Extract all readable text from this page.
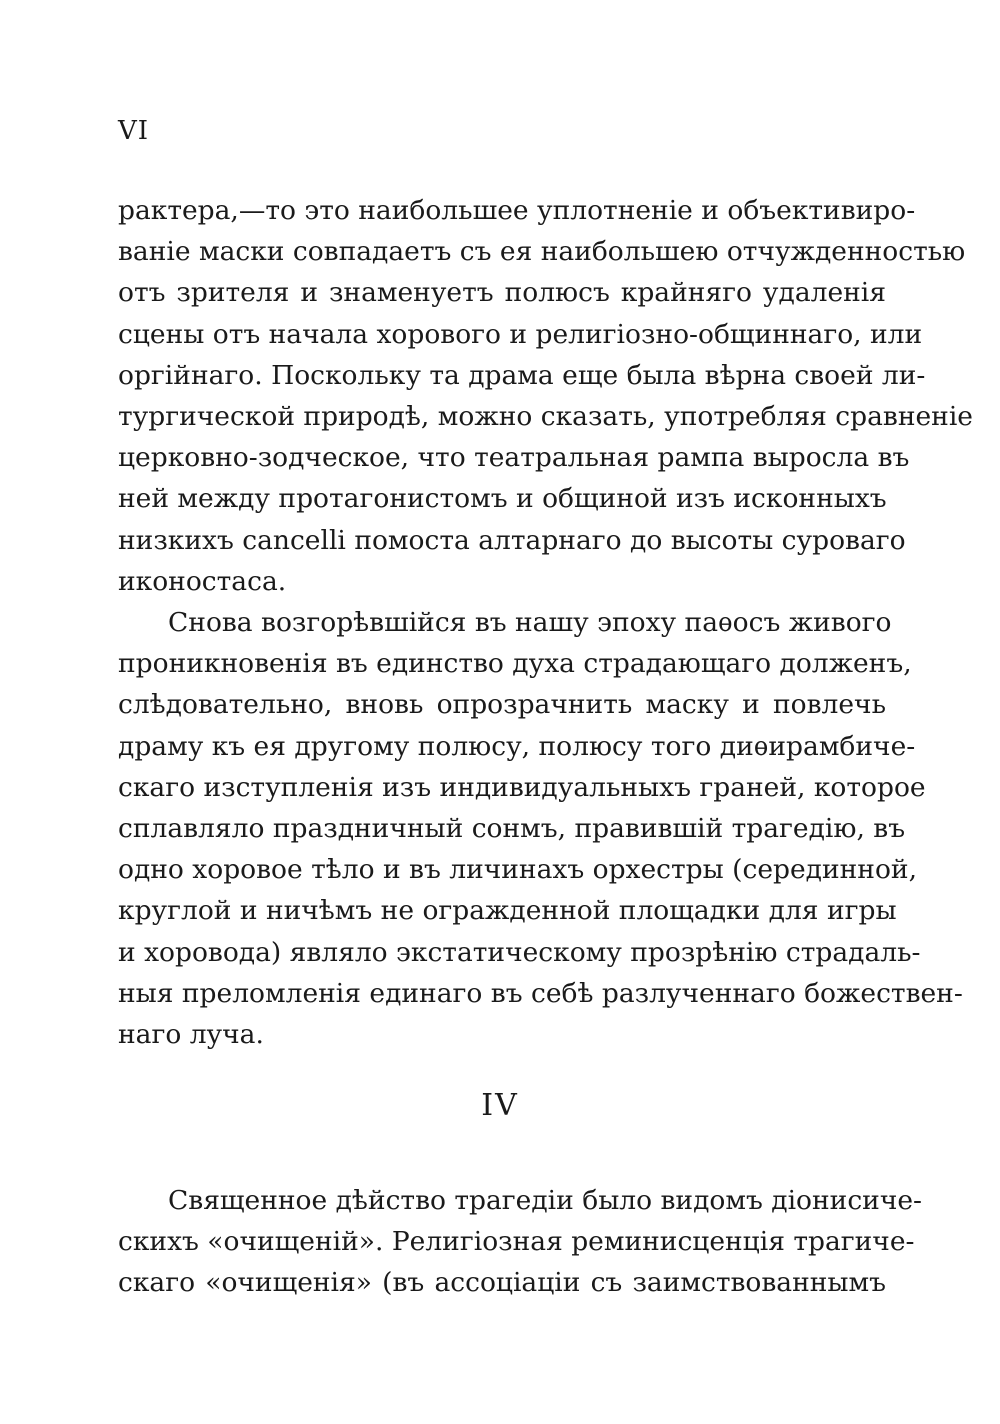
VI
рактера,—то это наибольшее уплотненіе и объективиро-
ваніе маски совпадаетъ съ ея наибольшею отчужденностью
отъ зрителя и знаменуетъ полюсъ крайняго удаленія
сцены отъ начала хорового и религіозно-общиннаго, или
оргійнаго. Поскольку та драма еще была вѣрна своей ли-
тургической природѣ, можно сказать, употребляя сравненіе
церковно-зодческое, что театральная рампа выросла въ
ней между протагонистомъ и общиной изъ исконныхъ
низкихъ cancelli помоста алтарнаго до высоты суроваго
иконостаса.
Снова возгорѣвшійся въ нашу эпоху паѳосъ живого
проникновенія въ единство духа страдающаго долженъ,
слѣдовательно, вновь опрозрачнить маску и повлечь
драму къ ея другому полюсу, полюсу того диѳирамбиче-
скаго изступленія изъ индивидуальныхъ граней, которое
сплавляло праздничный сонмъ, правившій трагедію, въ
одно хоровое тѣло и въ личинахъ орхестры (серединной,
круглой и ничѣмъ не огражденной площадки для игры
и хоровода) являло экстатическому прозрѣнію страдаль-
ныя преломленія единаго въ себѣ разлученнаго божествен-
наго луча.
IV
Священное дѣйство трагедіи было видомъ діонисиче-
скихъ «очищеній». Религіозная реминисценція трагиче-
скаго «очищенія» (въ ассоціаціи съ заимствованнымъ
